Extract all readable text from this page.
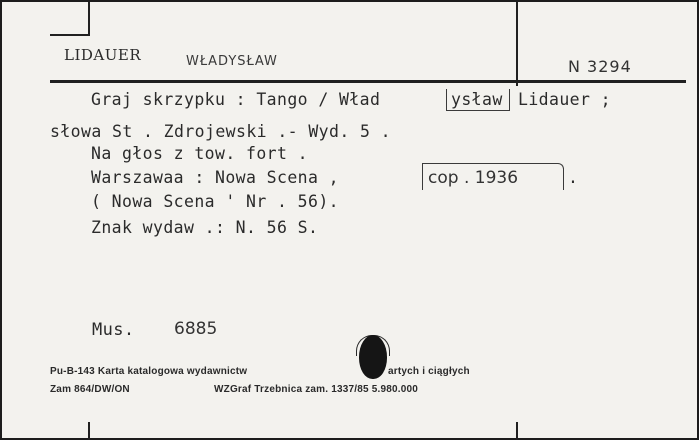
LIDAUER	WŁADYSŁAW	N 3294
Graj skrzypku : Tango / Wład	ysław Lidauer ;
słowa St . Zdrojewski .- Wyd. 5 .
Na głos z tow. fort .
Warszawaa : Nowa Scena ,	cop . 1936	.
( Nowa Scena ' Nr . 56).
Znak wydaw .: N. 56 S.
Mus. 6885
Pu-B-143 Karta katalogowa wydawnictw	artych i ciągłych
Zam 864/DW/ON	WZGraf Trzebnica zam. 1337/85 5.980.000
